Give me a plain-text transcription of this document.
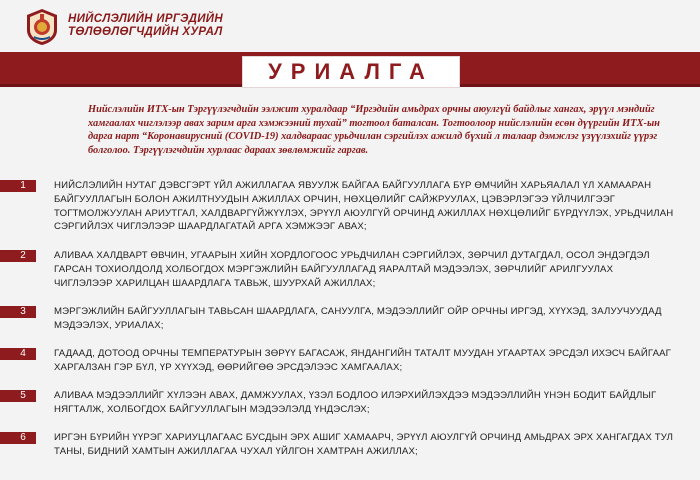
НИЙСЛЭЛИЙН ИРГЭДИЙН
ТӨЛӨӨЛӨГЧДИЙН ХУРАЛ
УРИАЛГА
Нийслэлийн ИТХ-ын Тэргүүлэгчдийн ээлжит хуралдаар “Иргэдийн амьдрах орчны аюулгүй байдлыг хангах, эрүүл мэндийг хамгаалах чиглэлээр авах зарим арга хэмжээний тухай” тогтоол баталсан. Тогтоолоор нийслэлийн есөн дүүргийн ИТХ-ын дарга нарт “Коронавирусний (COVID-19) халдвараас урьдчилан сэргийлэх ажилд бүхий л талаар дэмжлэг үзүүлэхийг үүрэг болголоо. Тэргүүлэгчдийн хурлаас дараах зөвлөмжийг гаргав.
1	НИЙСЛЭЛИЙН НУТАГ ДЭВСГЭРТ ҮЙЛ АЖИЛЛАГАА ЯВУУЛЖ БАЙГАА БАЙГУУЛЛАГА БҮР ӨМЧИЙН ХАРЬЯАЛАЛ ҮЛ ХАМААРАН БАЙГУУЛЛАГЫН БОЛОН АЖИЛТНУУДЫН АЖИЛЛАХ ОРЧИН, НӨХЦӨЛИЙГ САЙЖРУУЛАХ, ЦЭВЭРЛЭГЭЭ ҮЙЛЧИЛГЭЭГ ТОГТМОЛЖУУЛАН АРИУТГАЛ, ХАЛДВАРГҮЙЖҮҮЛЭХ, ЭРҮҮЛ АЮУЛГҮЙ ОРЧИНД АЖИЛЛАХ НӨХЦӨЛИЙГ БҮРДҮҮЛЭХ, УРЬДЧИЛАН СЭРГИЙЛЭХ ЧИГЛЭЛЭЭР ШААРДЛАГАТАЙ АРГА ХЭМЖЭЭГ АВАХ;
2	АЛИВАА ХАЛДВАРТ ӨВЧИН, УГААРЫН ХИЙН ХОРДЛОГООС УРЬДЧИЛАН СЭРГИЙЛЭХ, ЗӨРЧИЛ ДУТАГДАЛ, ОСОЛ ЭНДЭГДЭЛ ГАРСАН ТОХИОЛДОЛД ХОЛБОГДОХ МЭРГЭЖЛИЙН БАЙГУУЛЛАГАД ЯАРАЛТАЙ МЭДЭЭЛЭХ, ЗӨРЧЛИЙГ АРИЛГУУЛАХ ЧИГЛЭЛЭЭР ХАРИЛЦАН ШААРДЛАГА ТАВЬЖ, ШУУРХАЙ АЖИЛЛАХ;
3	МЭРГЭЖЛИЙН БАЙГУУЛЛАГЫН ТАВЬСАН ШААРДЛАГА, САНУУЛГА, МЭДЭЭЛЛИЙГ ОЙР ОРЧНЫ ИРГЭД, ХҮҮХЭД, ЗАЛУУЧУУДАД МЭДЭЭЛЭХ, УРИАЛАХ;
4	ГАДААД, ДОТООД ОРЧНЫ ТЕМПЕРАТУРЫН ЗӨРҮҮ БАГАСАЖ, ЯНДАНГИЙН ТАТАЛТ МУУДАН УГААРТАХ ЭРСДЭЛ ИХЭСЧ БАЙГААГ ХАРГАЛЗАН ГЭР БҮЛ, ҮР ХҮҮХЭД, ӨӨРИЙГӨӨ ЭРСДЭЛЭЭС ХАМГААЛАХ;
5	АЛИВАА МЭДЭЭЛЛИЙГ ХҮЛЭЭН АВАХ, ДАМЖУУЛАХ, ҮЗЭЛ БОДЛОО ИЛЭРХИЙЛЭХДЭЭ МЭДЭЭЛЛИЙН ҮНЭН БОДИТ БАЙДЛЫГ НЯГТАЛЖ, ХОЛБОГДОХ БАЙГУУЛЛАГЫН МЭДЭЭЛЭЛД ҮНДЭСЛЭХ;
6	ИРГЭН БҮРИЙН ҮҮРЭГ ХАРИУЦЛАГААС БУСДЫН ЭРХ АШИГ ХАМААРЧ, ЭРҮҮЛ АЮУЛГҮЙ ОРЧИНД АМЬДРАХ ЭРХ ХАНГАГДАХ ТУЛ ТАНЫ, БИДНИЙ ХАМТЫН АЖИЛЛАГАА ЧУХАЛ ҮЙЛГОН ХАМТРАН АЖИЛЛАХ;
